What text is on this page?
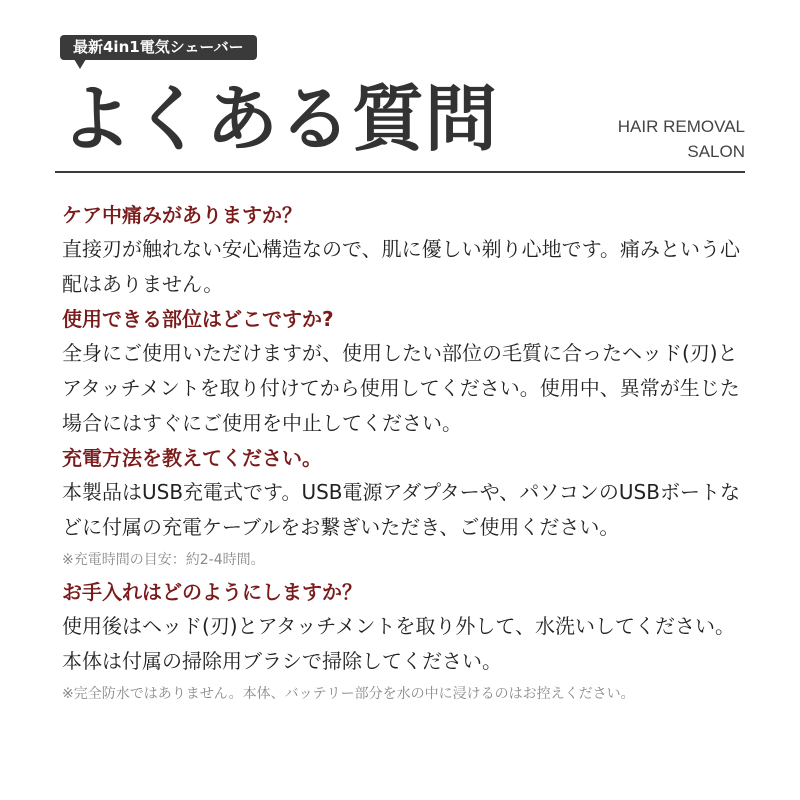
最新4in1電気シェーバー
よくある質問	HAIR REMOVAL
SALON
ケア中痛みがありますか？
直接刃が触れない安心構造なので、肌に優しい剃り心地です。痛みという心
配はありません。
使用できる部位はどこですか?
全身にご使用いただけますが、使用したい部位の毛質に合ったヘッド(刃)と
アタッチメントを取り付けてから使用してください。使用中、異常が生じた
場合にはすぐにご使用を中止してください。
充電方法を教えてください。
本製品はUSB充電式です。USB電源アダプターや、パソコンのUSBボートな
どに付属の充電ケーブルをお繋ぎいただき、ご使用ください。
※充電時間の目安：約2-4時間。
お手入れはどのようにしますか？
使用後はヘッド(刃)とアタッチメントを取り外して、水洗いしてください。
本体は付属の掃除用ブラシで掃除してください。
※完全防水ではありません。本体、バッテリー部分を水の中に浸けるのはお控えください。
